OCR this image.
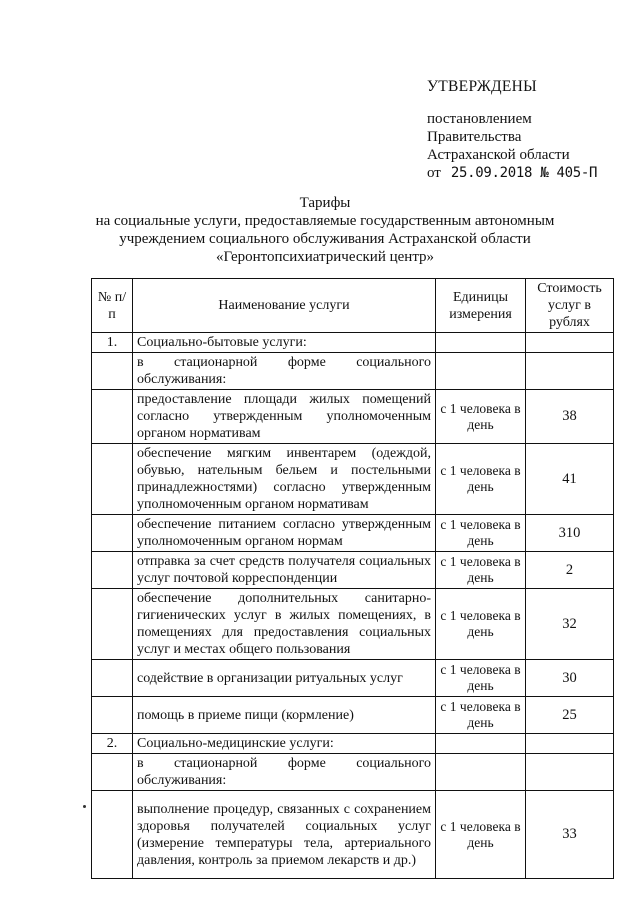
УТВЕРЖДЕНЫ
постановлением
Правительства
Астраханской области
от 25.09.2018 № 405-П
Тарифы
на социальные услуги, предоставляемые государственным автономным
учреждением социального обслуживания Астраханской области
«Геронтопсихиатрический центр»
№ п/п	Наименование услуги	Единицы измерения	Стоимость услуг в рублях
1.	Социально-бытовые услуги:		
	в стационарной форме социального обслуживания:		
	предоставление площади жилых помещений согласно утвержденным уполномоченным органом нормативам	с 1 человека в день	38
	обеспечение мягким инвентарем (одеждой, обувью, нательным бельем и постельными принадлежностями) согласно утвержденным уполномоченным органом нормативам	с 1 человека в день	41
	обеспечение питанием согласно утвержденным уполномоченным органом нормам	с 1 человека в день	310
	отправка за счет средств получателя социальных услуг почтовой корреспонденции	с 1 человека в день	2
	обеспечение дополнительных санитарно-гигиенических услуг в жилых помещениях, в помещениях для предоставления социальных услуг и местах общего пользования	с 1 человека в день	32
	содействие в организации ритуальных услуг	с 1 человека в день	30
	помощь в приеме пищи (кормление)	с 1 человека в день	25
2.	Социально-медицинские услуги:		
	в стационарной форме социального обслуживания:		
	выполнение процедур, связанных с сохранением здоровья получателей социальных услуг (измерение температуры тела, артериального давления, контроль за приемом лекарств и др.)	с 1 человека в день	33
